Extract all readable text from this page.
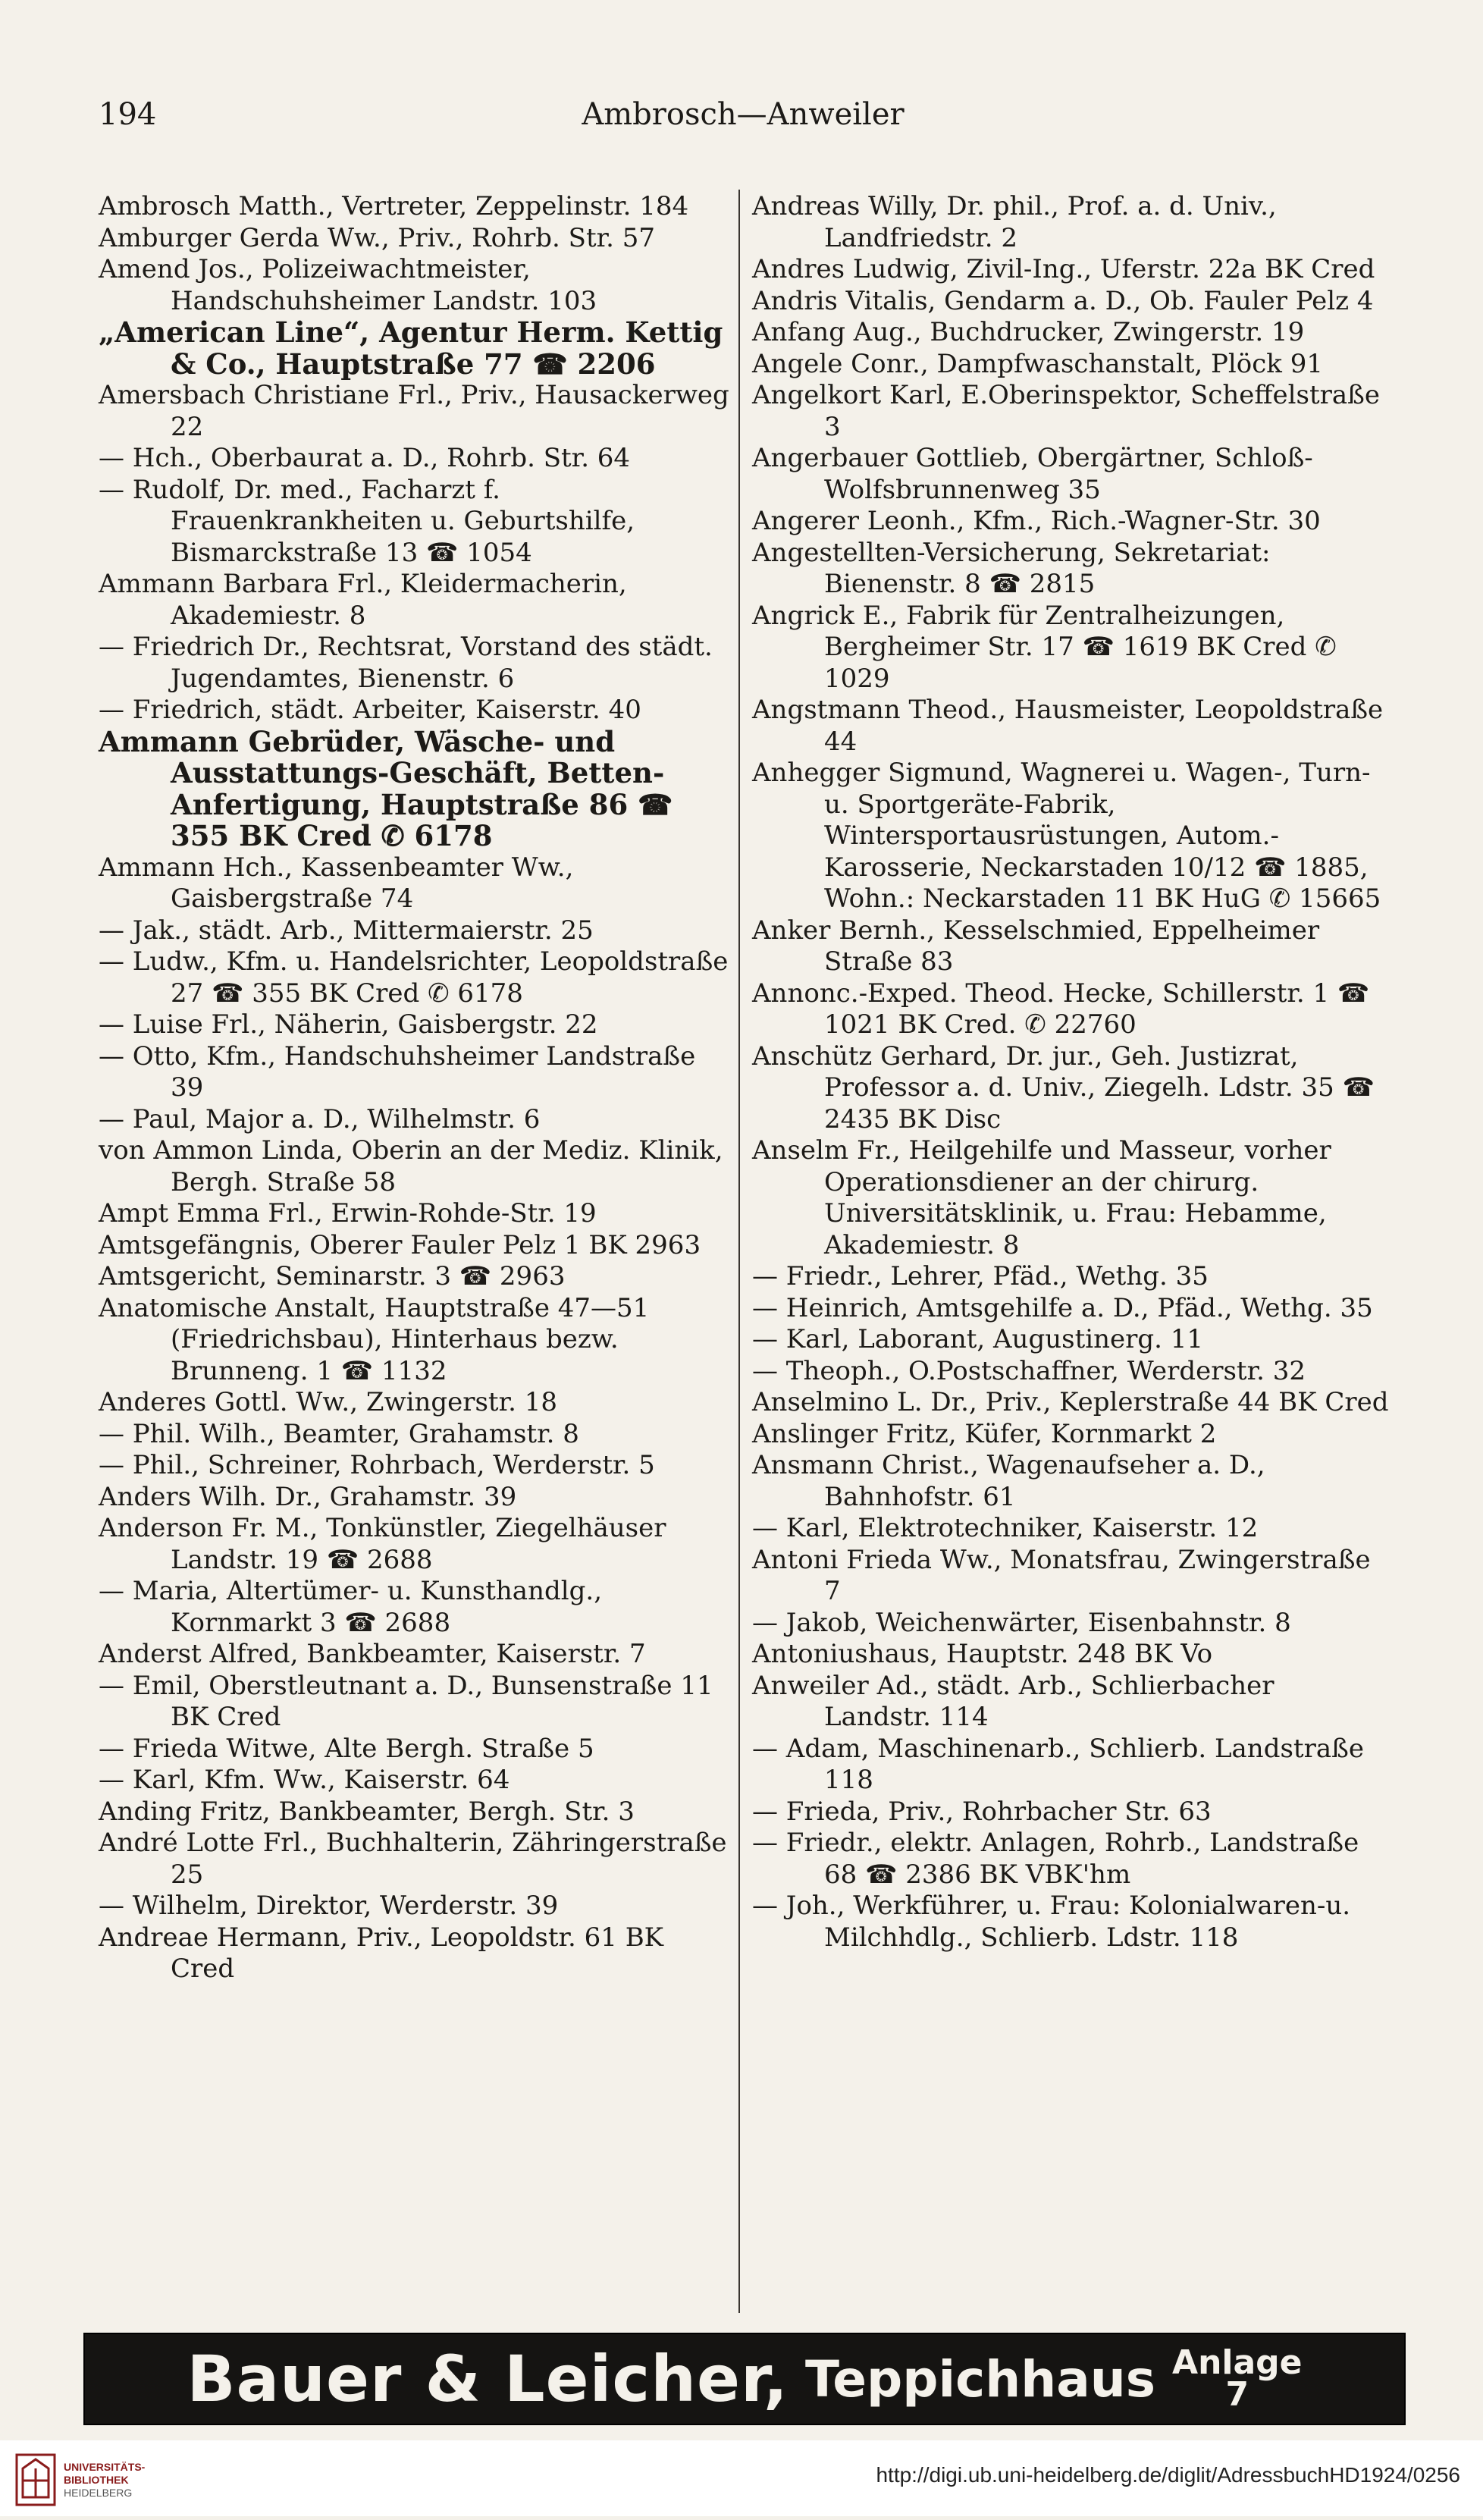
194	Ambrosch—Anweiler

Ambrosch Matth., Vertreter, Zeppelinstr. 184

Amburger Gerda Ww., Priv., Rohrb. Str. 57

Amend Jos., Polizeiwachtmeister, Handschuhsheimer Landstr. 103

„American Line“, Agentur Herm. Kettig & Co., Hauptstraße 77 ☎ 2206

Amersbach Christiane Frl., Priv., Hausackerweg 22

— Hch., Oberbaurat a. D., Rohrb. Str. 64

— Rudolf, Dr. med., Facharzt f. Frauenkrankheiten u. Geburtshilfe, Bismarckstraße 13 ☎ 1054

Ammann Barbara Frl., Kleidermacherin, Akademiestr. 8

— Friedrich Dr., Rechtsrat, Vorstand des städt. Jugendamtes, Bienenstr. 6

— Friedrich, städt. Arbeiter, Kaiserstr. 40

Ammann Gebrüder, Wäsche- und Ausstattungs-Geschäft, Betten-Anfertigung, Hauptstraße 86 ☎ 355 BK Cred ✆ 6178

Ammann Hch., Kassenbeamter Ww., Gaisbergstraße 74

— Jak., städt. Arb., Mittermaierstr. 25

— Ludw., Kfm. u. Handelsrichter, Leopoldstraße 27 ☎ 355 BK Cred ✆ 6178

— Luise Frl., Näherin, Gaisbergstr. 22

— Otto, Kfm., Handschuhsheimer Landstraße 39

— Paul, Major a. D., Wilhelmstr. 6

von Ammon Linda, Oberin an der Mediz. Klinik, Bergh. Straße 58

Ampt Emma Frl., Erwin-Rohde-Str. 19

Amtsgefängnis, Oberer Fauler Pelz 1 BK 2963

Amtsgericht, Seminarstr. 3 ☎ 2963

Anatomische Anstalt, Hauptstraße 47—51 (Friedrichsbau), Hinterhaus bezw. Brunneng. 1 ☎ 1132

Anderes Gottl. Ww., Zwingerstr. 18

— Phil. Wilh., Beamter, Grahamstr. 8

— Phil., Schreiner, Rohrbach, Werderstr. 5

Anders Wilh. Dr., Grahamstr. 39

Anderson Fr. M., Tonkünstler, Ziegelhäuser Landstr. 19 ☎ 2688

— Maria, Altertümer- u. Kunsthandlg., Kornmarkt 3 ☎ 2688

Anderst Alfred, Bankbeamter, Kaiserstr. 7

— Emil, Oberstleutnant a. D., Bunsenstraße 11 BK Cred

— Frieda Witwe, Alte Bergh. Straße 5

— Karl, Kfm. Ww., Kaiserstr. 64

Anding Fritz, Bankbeamter, Bergh. Str. 3

André Lotte Frl., Buchhalterin, Zähringerstraße 25

— Wilhelm, Direktor, Werderstr. 39

Andreae Hermann, Priv., Leopoldstr. 61 BK Cred

Andreas Willy, Dr. phil., Prof. a. d. Univ., Landfriedstr. 2

Andres Ludwig, Zivil-Ing., Uferstr. 22a BK Cred

Andris Vitalis, Gendarm a. D., Ob. Fauler Pelz 4

Anfang Aug., Buchdrucker, Zwingerstr. 19

Angele Conr., Dampfwaschanstalt, Plöck 91

Angelkort Karl, E.Oberinspektor, Scheffelstraße 3

Angerbauer Gottlieb, Obergärtner, Schloß-Wolfsbrunnenweg 35

Angerer Leonh., Kfm., Rich.-Wagner-Str. 30

Angestellten-Versicherung, Sekretariat: Bienenstr. 8 ☎ 2815

Angrick E., Fabrik für Zentralheizungen, Bergheimer Str. 17 ☎ 1619 BK Cred ✆ 1029

Angstmann Theod., Hausmeister, Leopoldstraße 44

Anhegger Sigmund, Wagnerei u. Wagen-, Turn- u. Sportgeräte-Fabrik, Wintersportausrüstungen, Autom.-Karosserie, Neckarstaden 10/12 ☎ 1885, Wohn.: Neckarstaden 11 BK HuG ✆ 15665

Anker Bernh., Kesselschmied, Eppelheimer Straße 83

Annonc.-Exped. Theod. Hecke, Schillerstr. 1 ☎ 1021 BK Cred. ✆ 22760

Anschütz Gerhard, Dr. jur., Geh. Justizrat, Professor a. d. Univ., Ziegelh. Ldstr. 35 ☎ 2435 BK Disc

Anselm Fr., Heilgehilfe und Masseur, vorher Operationsdiener an der chirurg. Universitätsklinik, u. Frau: Hebamme, Akademiestr. 8

— Friedr., Lehrer, Pfäd., Wethg. 35

— Heinrich, Amtsgehilfe a. D., Pfäd., Wethg. 35

— Karl, Laborant, Augustinerg. 11

— Theoph., O.Postschaffner, Werderstr. 32

Anselmino L. Dr., Priv., Keplerstraße 44 BK Cred

Anslinger Fritz, Küfer, Kornmarkt 2

Ansmann Christ., Wagenaufseher a. D., Bahnhofstr. 61

— Karl, Elektrotechniker, Kaiserstr. 12

Antoni Frieda Ww., Monatsfrau, Zwingerstraße 7

— Jakob, Weichenwärter, Eisenbahnstr. 8

Antoniushaus, Hauptstr. 248 BK Vo

Anweiler Ad., städt. Arb., Schlierbacher Landstr. 114

— Adam, Maschinenarb., Schlierb. Landstraße 118

— Frieda, Priv., Rohrbacher Str. 63

— Friedr., elektr. Anlagen, Rohrb., Landstraße 68 ☎ 2386 BK VBK'hm

— Joh., Werkführer, u. Frau: Kolonialwaren-u. Milchhdlg., Schlierb. Ldstr. 118

Bauer & Leicher, Teppichhaus Anlage
7
UNIVERSITÄTS-
BIBLIOTHEK
HEIDELBERG
http://digi.ub.uni-heidelberg.de/diglit/AdressbuchHD1924/0256
